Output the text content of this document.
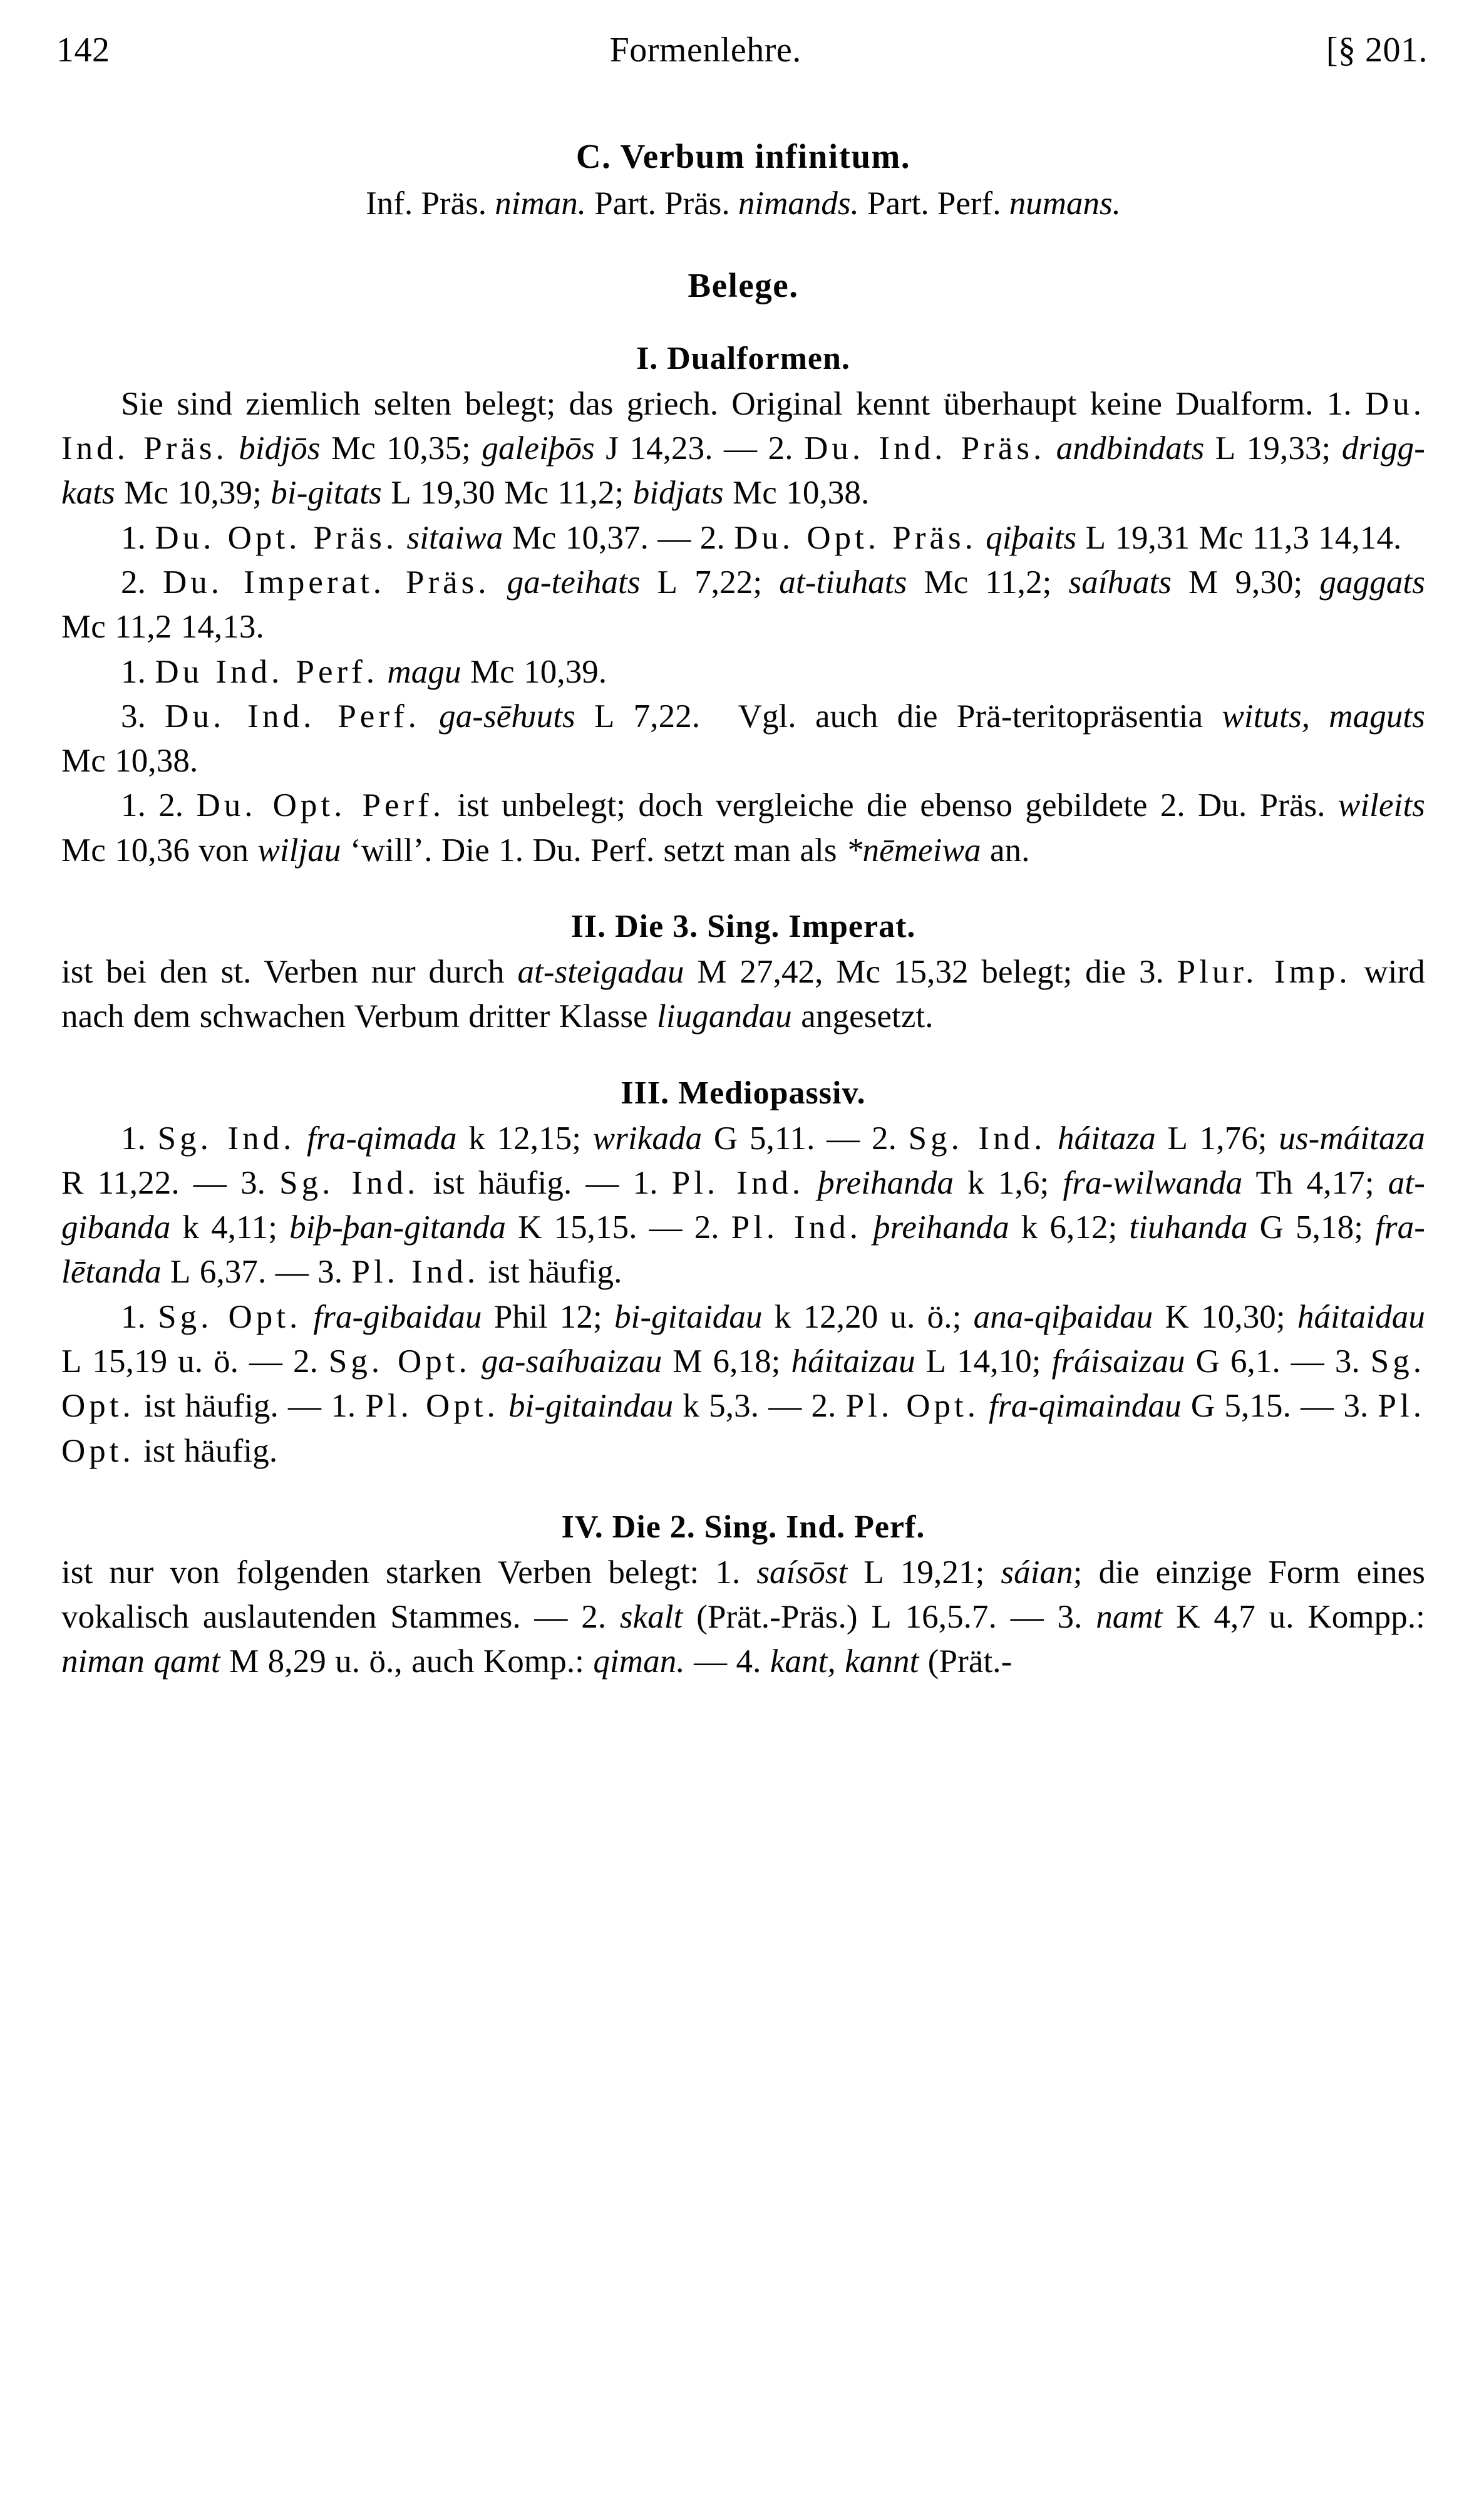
142	Formenlehre.	[§ 201.
C. Verbum infinitum.
Inf. Präs. niman. Part. Präs. nimands. Part. Perf. numans.
Belege.
I. Dualformen.

Sie sind ziemlich selten belegt; das griech. Original kennt überhaupt keine Dualform. 1. Du. Ind. Präs. bidjōs Mc 10,35; galeiþōs J 14,23. — 2. Du. Ind. Präs. andbindats L 19,33; drigg-kats Mc 10,39; bi-gitats L 19,30 Mc 11,2; bidjats Mc 10,38.

1. Du. Opt. Präs. sitaiwa Mc 10,37. — 2. Du. Opt. Präs. qiþaits L 19,31 Mc 11,3 14,14.

2. Du. Imperat. Präs. ga-teihats L 7,22; at-tiuhats Mc 11,2; saíƕats M 9,30; gaggats Mc 11,2 14,13.

1. Du Ind. Perf. magu Mc 10,39.

3. Du. Ind. Perf. ga-sēƕuts L 7,22.  Vgl. auch die Prä-teritopräsentia wituts, maguts Mc 10,38.

1. 2. Du. Opt. Perf. ist unbelegt; doch vergleiche die ebenso gebildete 2. Du. Präs. wileits Mc 10,36 von wiljau ‘will’. Die 1. Du. Perf. setzt man als *nēmeiwa an.

II. Die 3. Sing. Imperat.

ist bei den st. Verben nur durch at-steigadau M 27,42, Mc 15,32 belegt; die 3. Plur. Imp. wird nach dem schwachen Verbum dritter Klasse liugandau angesetzt.

III. Mediopassiv.

1. Sg. Ind. fra-qimada k 12,15; wrikada G 5,11. — 2. Sg. Ind. háitaza L 1,76; us-máitaza R 11,22. — 3. Sg. Ind. ist häufig. — 1. Pl. Ind. þreihanda k 1,6; fra-wilwanda Th 4,17; at-gibanda k 4,11; biþ-þan-gitanda K 15,15. — 2. Pl. Ind. þreihanda k 6,12; tiuhanda G 5,18; fra-lētanda L 6,37. — 3. Pl. Ind. ist häufig.

1. Sg. Opt. fra-gibaidau Phil 12; bi-gitaidau k 12,20 u. ö.; ana-qiþaidau K 10,30; háitaidau L 15,19 u. ö. — 2. Sg. Opt. ga-saíƕaizau M 6,18; háitaizau L 14,10; fráisaizau G 6,1. — 3. Sg. Opt. ist häufig. — 1. Pl. Opt. bi-gitaindau k 5,3. — 2. Pl. Opt. fra-qimaindau G 5,15. — 3. Pl. Opt. ist häufig.

IV. Die 2. Sing. Ind. Perf.

ist nur von folgenden starken Verben belegt: 1. saísōst L 19,21; sáian; die einzige Form eines vokalisch auslautenden Stammes. — 2. skalt (Prät.-Präs.) L 16,5.7. — 3. namt K 4,7 u. Kompp.: niman qamt M 8,29 u. ö., auch Komp.: qiman. — 4. kant, kannt (Prät.-
